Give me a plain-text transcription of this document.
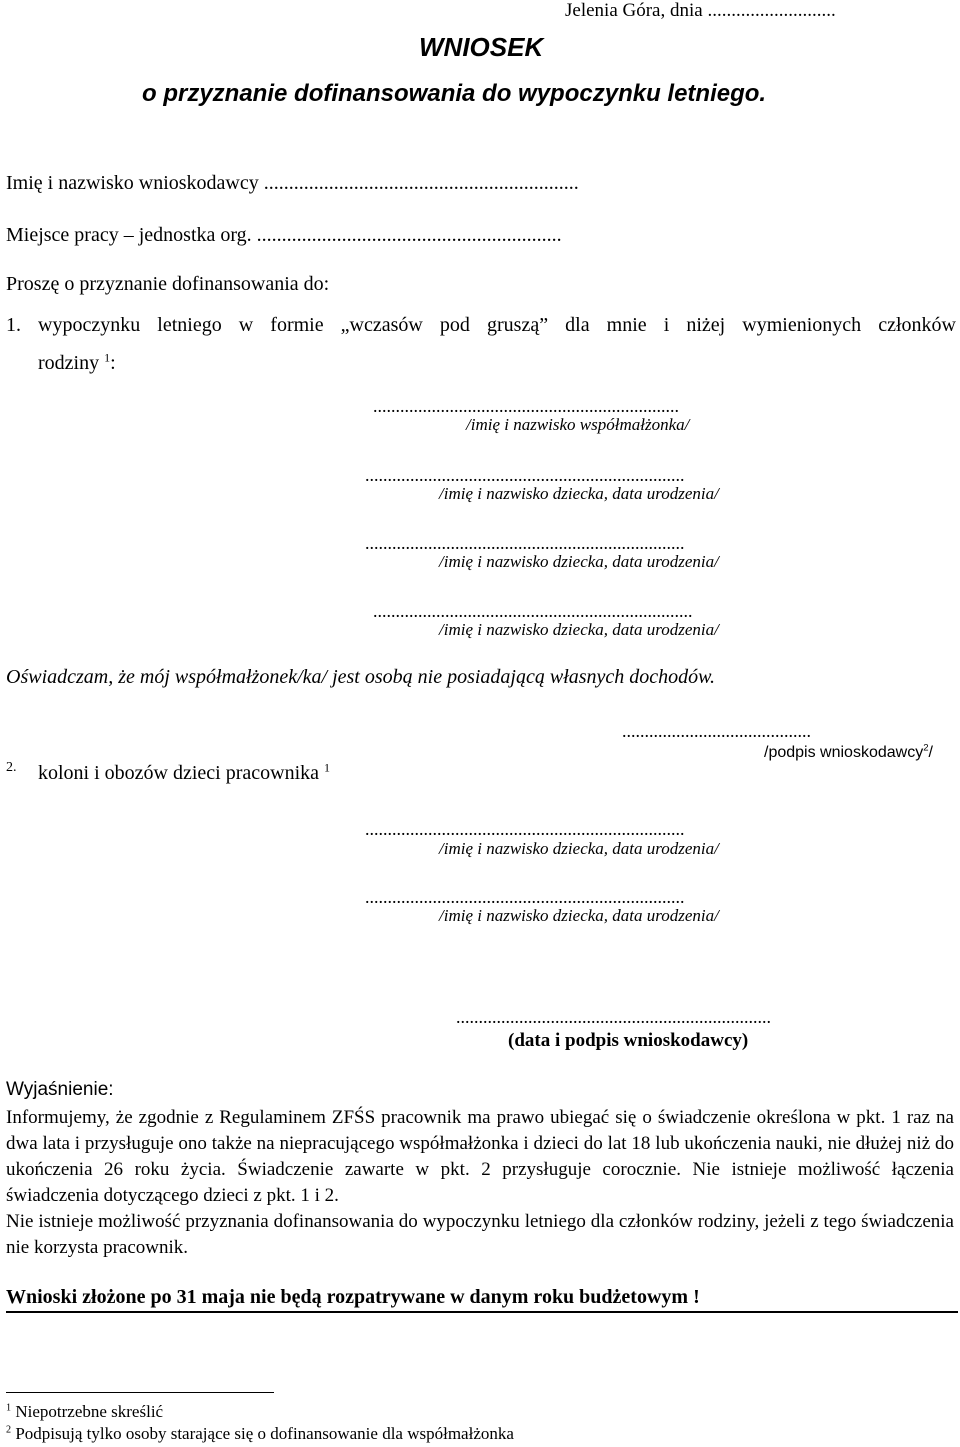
Jelenia Góra, dnia ...........................
WNIOSEK
o przyznanie dofinansowania do wypoczynku letniego.
Imię i nazwisko wnioskodawcy ...............................................................
Miejsce pracy – jednostka org. .............................................................
Proszę o przyznanie dofinansowania do:
1. wypoczynku letniego w formie „wczasów pod gruszą” dla mnie i niżej wymienionych członków
rodziny $^1$:
....................................................................
/imię i nazwisko współmałżonka/
.......................................................................
/imię i nazwisko dziecka, data urodzenia/
.......................................................................
/imię i nazwisko dziecka, data urodzenia/
.......................................................................
/imię i nazwisko dziecka, data urodzenia/
Oświadczam, że mój współmałżonek/ka/ jest osobą nie posiadającą własnych dochodów.
..........................................
/podpis wnioskodawcy$^2$/
2. koloni i obozów dzieci pracownika $^1$
.......................................................................
/imię i nazwisko dziecka, data urodzenia/
.......................................................................
/imię i nazwisko dziecka, data urodzenia/
......................................................................
(data i podpis wnioskodawcy)
Wyjaśnienie:
Informujemy, że zgodnie z Regulaminem ZFŚS pracownik ma prawo ubiegać się o świadczenie określona w pkt. 1 raz na dwa lata i przysługuje ono także na niepracującego współmałżonka i dzieci do lat 18 lub ukończenia nauki, nie dłużej niż do ukończenia 26 roku życia. Świadczenie zawarte w pkt. 2 przysługuje corocznie. Nie istnieje możliwość łączenia świadczenia dotyczącego dzieci z pkt. 1 i 2.
Nie istnieje możliwość przyznania dofinansowania do wypoczynku letniego dla członków rodziny, jeżeli z tego świadczenia nie korzysta pracownik.
Wnioski złożone po 31 maja nie będą rozpatrywane w danym roku budżetowym !
$^1$ Niepotrzebne skreślić
$^2$ Podpisują tylko osoby starające się o dofinansowanie dla współmałżonka
